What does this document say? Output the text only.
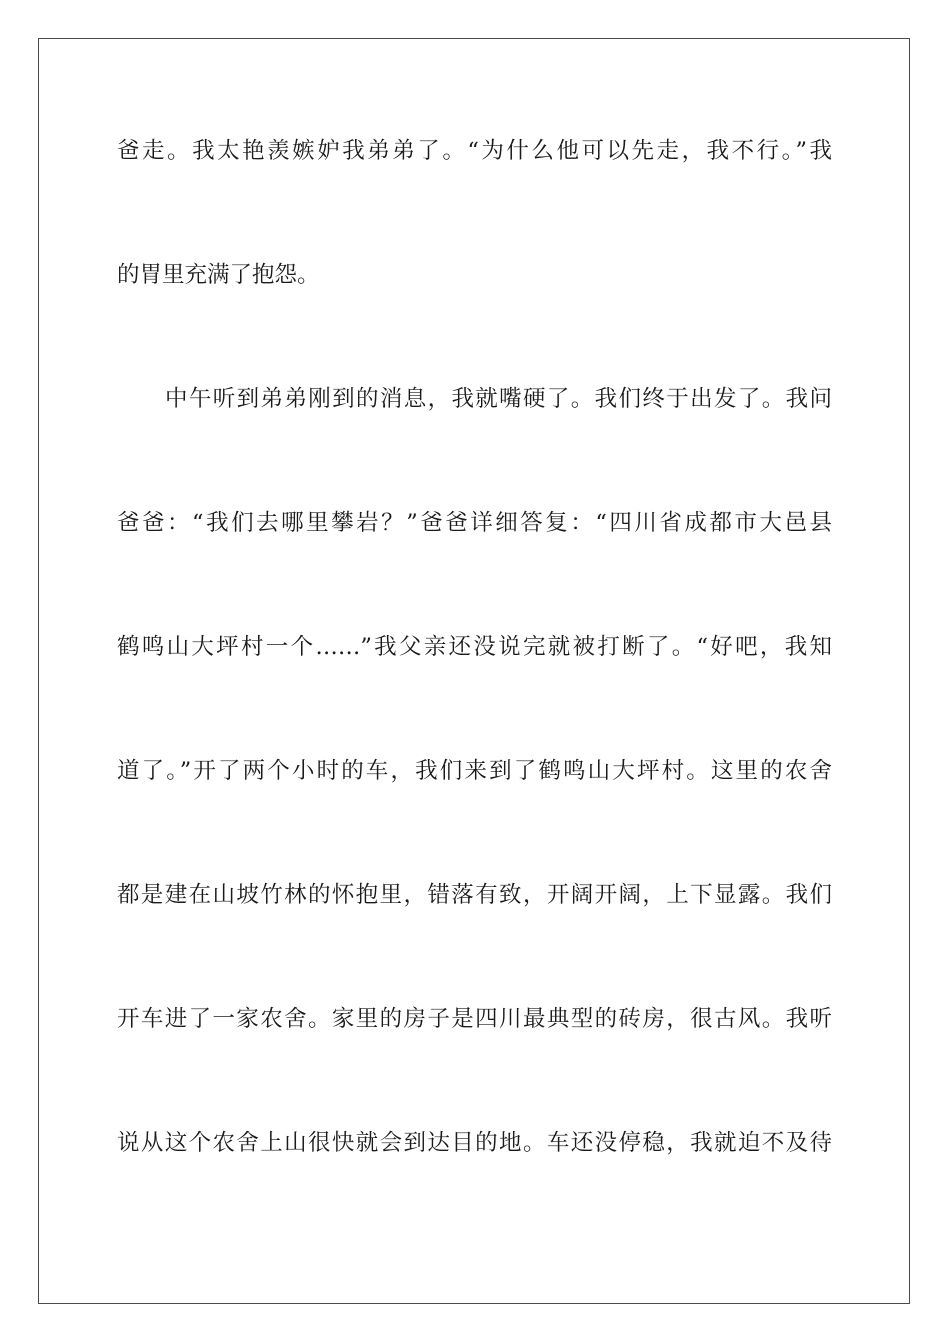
爸走。我太艳羡嫉妒我弟弟了。“为什么他可以先走，我不行。”我
的胃里充满了抱怨。
中午听到弟弟刚到的消息，我就嘴硬了。我们终于出发了。我问
爸爸：“我们去哪里攀岩？”爸爸详细答复：“四川省成都市大邑县
鹤鸣山大坪村一个……”我父亲还没说完就被打断了。“好吧，我知
道了。”开了两个小时的车，我们来到了鹤鸣山大坪村。这里的农舍
都是建在山坡竹林的怀抱里，错落有致，开阔开阔，上下显露。我们
开车进了一家农舍。家里的房子是四川最典型的砖房，很古风。我听
说从这个农舍上山很快就会到达目的地。车还没停稳，我就迫不及待
